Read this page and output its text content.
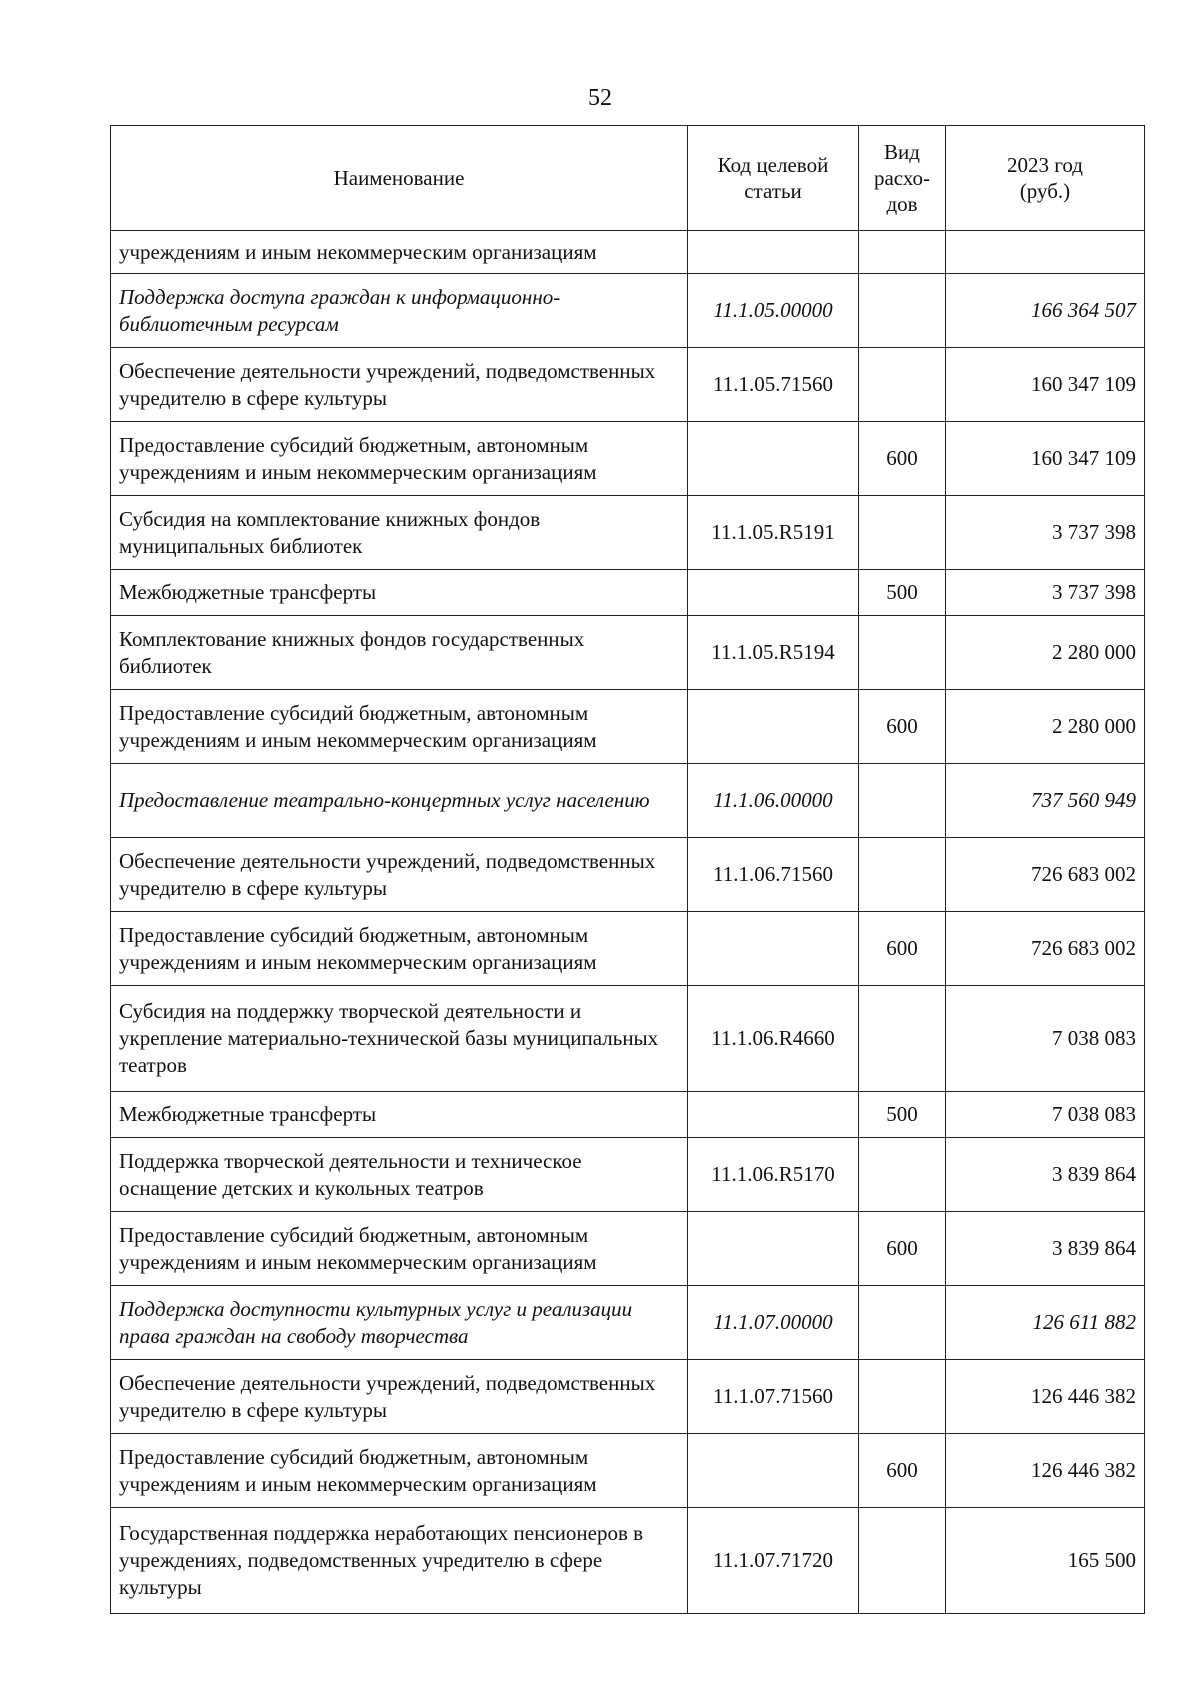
52
Наименование	Код целевой статьи	Вид расхо-дов	2023 год (руб.)
учреждениям и иным некоммерческим организациям			
Поддержка доступа граждан к информационно-библиотечным ресурсам	11.1.05.00000		166 364 507
Обеспечение деятельности учреждений, подведомственных учредителю в сфере культуры	11.1.05.71560		160 347 109
Предоставление субсидий бюджетным, автономным учреждениям и иным некоммерческим организациям		600	160 347 109
Субсидия на комплектование книжных фондов муниципальных библиотек	11.1.05.R5191		3 737 398
Межбюджетные трансферты		500	3 737 398
Комплектование книжных фондов государственных библиотек	11.1.05.R5194		2 280 000
Предоставление субсидий бюджетным, автономным учреждениям и иным некоммерческим организациям		600	2 280 000
Предоставление театрально-концертных услуг населению	11.1.06.00000		737 560 949
Обеспечение деятельности учреждений, подведомственных учредителю в сфере культуры	11.1.06.71560		726 683 002
Предоставление субсидий бюджетным, автономным учреждениям и иным некоммерческим организациям		600	726 683 002
Субсидия на поддержку творческой деятельности и укрепление материально-технической базы муниципальных театров	11.1.06.R4660		7 038 083
Межбюджетные трансферты		500	7 038 083
Поддержка творческой деятельности и техническое оснащение детских и кукольных театров	11.1.06.R5170		3 839 864
Предоставление субсидий бюджетным, автономным учреждениям и иным некоммерческим организациям		600	3 839 864
Поддержка доступности культурных услуг и реализации права граждан на свободу творчества	11.1.07.00000		126 611 882
Обеспечение деятельности учреждений, подведомственных учредителю в сфере культуры	11.1.07.71560		126 446 382
Предоставление субсидий бюджетным, автономным учреждениям и иным некоммерческим организациям		600	126 446 382
Государственная поддержка неработающих пенсионеров в учреждениях, подведомственных учредителю в сфере культуры	11.1.07.71720		165 500
